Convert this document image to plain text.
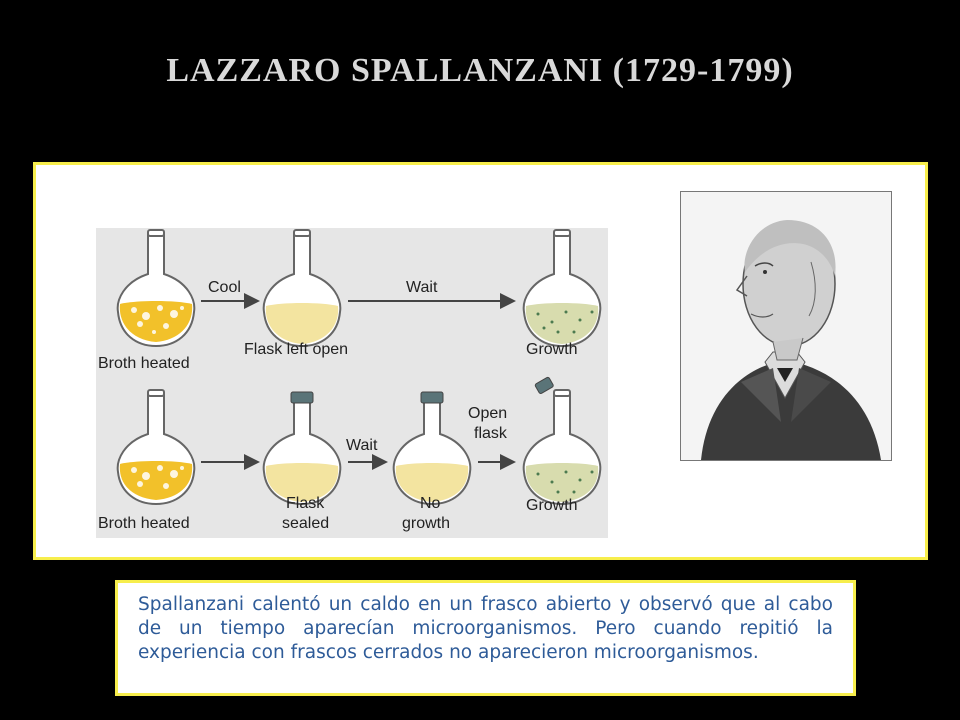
LAZZARO SPALLANZANI (1729-1799)
Broth heated
Cool
Flask left open
Wait
Growth
Broth heated
Flask
sealed
Wait
No
growth
Open
flask
Growth
Spallanzani calentó un caldo en un frasco abierto y observó que al cabo de un tiempo aparecían microorganismos. Pero cuando repitió la experiencia con frascos cerrados no aparecieron microorganismos.
